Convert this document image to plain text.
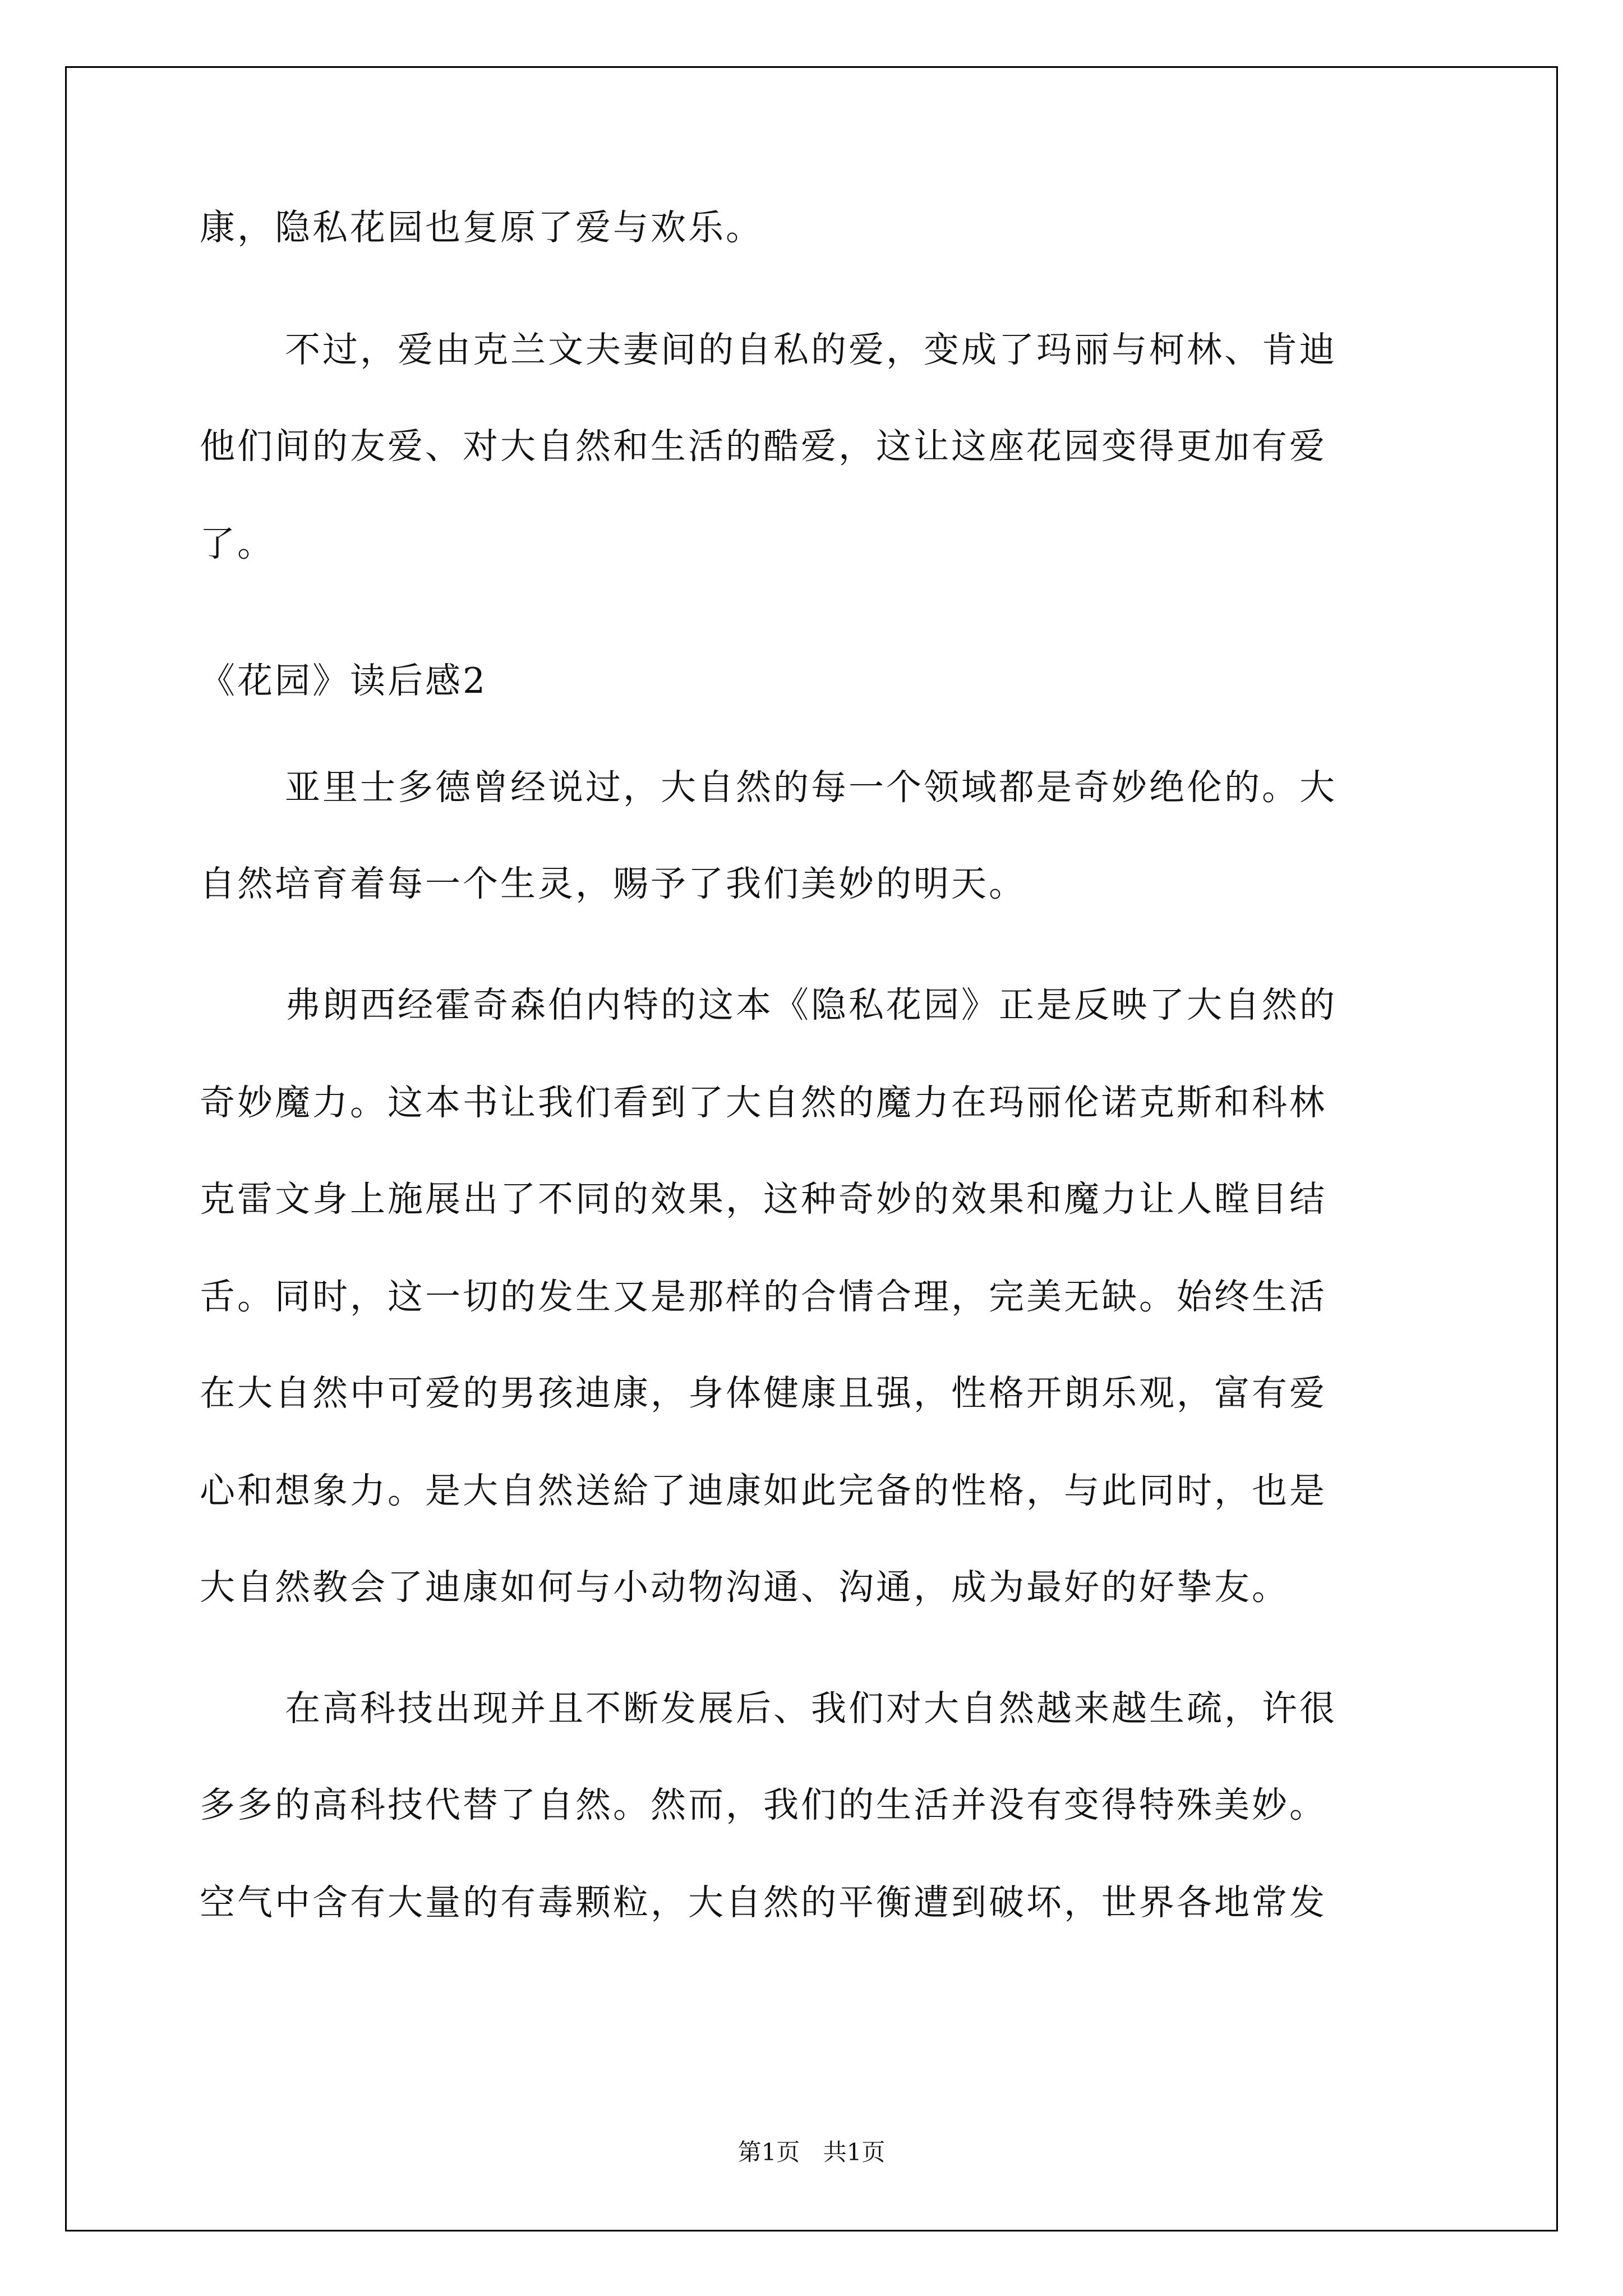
康，隐私花园也复原了爱与欢乐。
不过，爱由克兰文夫妻间的自私的爱，变成了玛丽与柯林、肯迪
他们间的友爱、对大自然和生活的酷爱，这让这座花园变得更加有爱
了。
《花园》读后感2
亚里士多德曾经说过，大自然的每一个领域都是奇妙绝伦的。大
自然培育着每一个生灵，赐予了我们美妙的明天。
弗朗西经霍奇森伯内特的这本《隐私花园》正是反映了大自然的
奇妙魔力。这本书让我们看到了大自然的魔力在玛丽伦诺克斯和科林
克雷文身上施展出了不同的效果，这种奇妙的效果和魔力让人瞠目结
舌。同时，这一切的发生又是那样的合情合理，完美无缺。始终生活
在大自然中可爱的男孩迪康，身体健康且强，性格开朗乐观，富有爱
心和想象力。是大自然送給了迪康如此完备的性格，与此同时，也是
大自然教会了迪康如何与小动物沟通、沟通，成为最好的好挚友。
在高科技出现并且不断发展后、我们对大自然越来越生疏，许很
多多的高科技代替了自然。然而，我们的生活并没有变得特殊美妙。
空气中含有大量的有毒颗粒，大自然的平衡遭到破坏，世界各地常发
第1页 共1页
